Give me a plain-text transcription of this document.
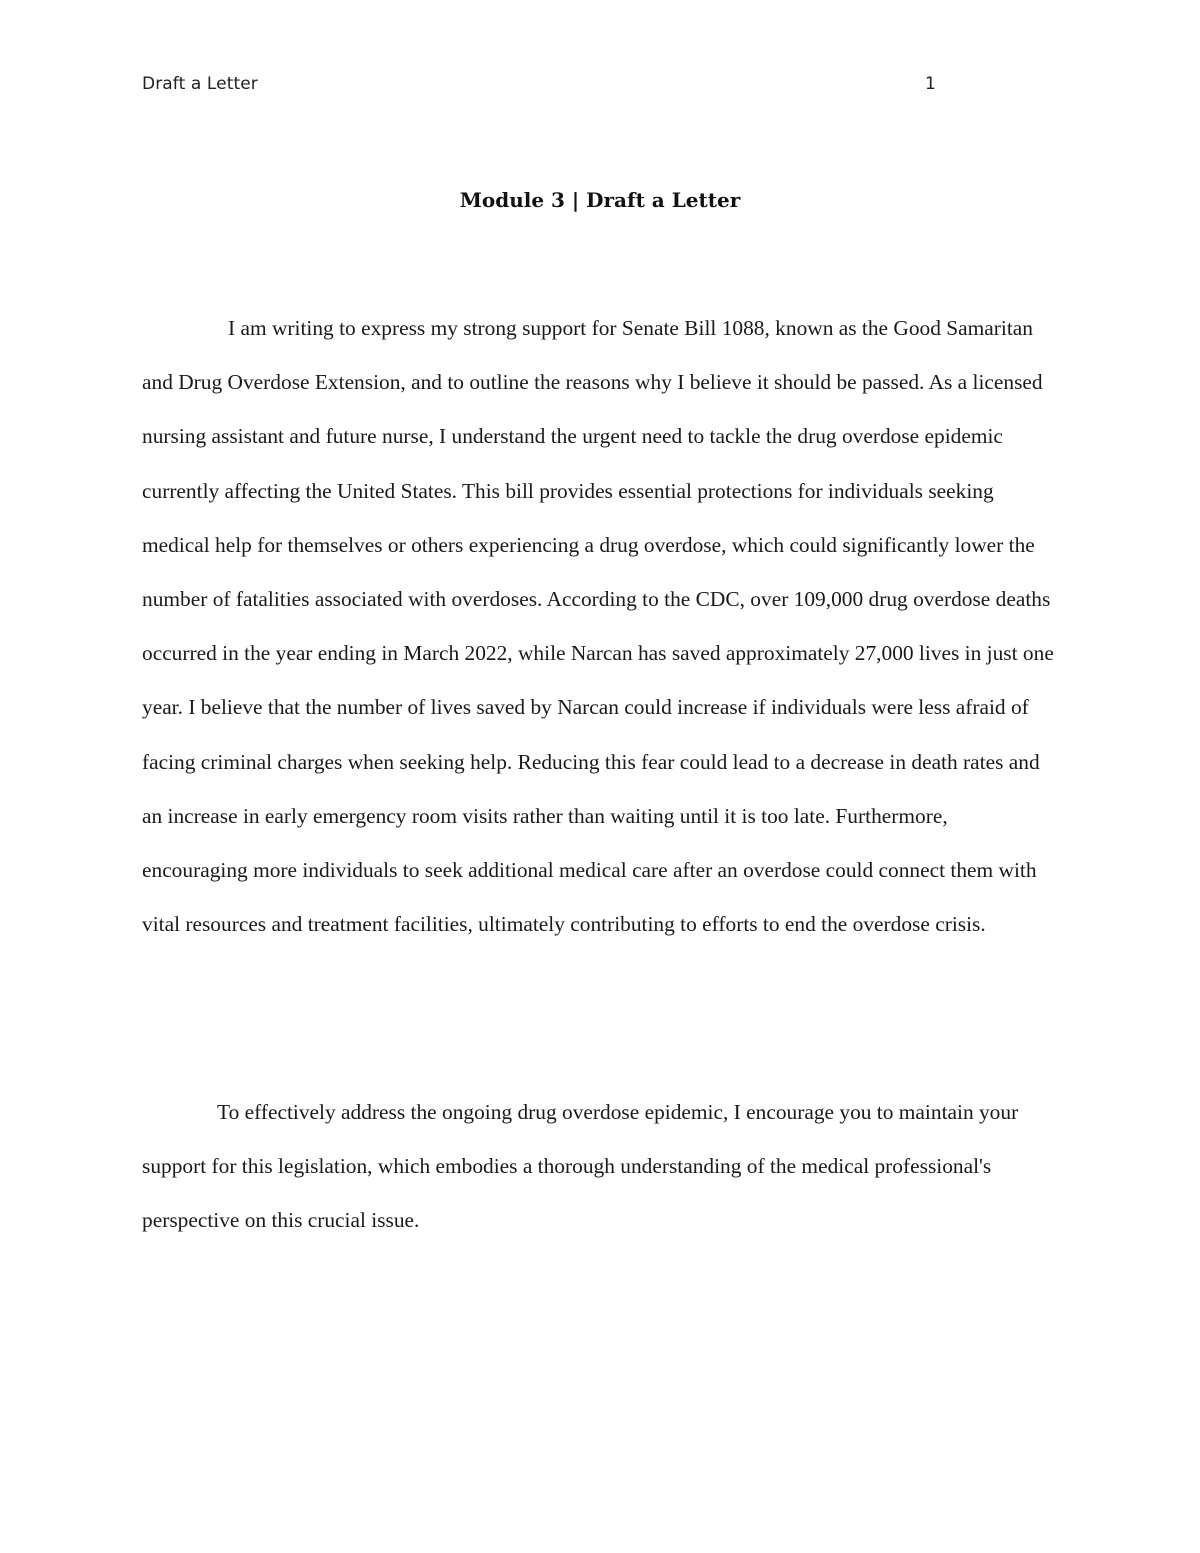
Draft a Letter	1
Module 3 | Draft a Letter

I am writing to express my strong support for Senate Bill 1088, known as the Good Samaritan and Drug Overdose Extension, and to outline the reasons why I believe it should be passed. As a licensed nursing assistant and future nurse, I understand the urgent need to tackle the drug overdose epidemic currently affecting the United States. This bill provides essential protections for individuals seeking medical help for themselves or others experiencing a drug overdose, which could significantly lower the number of fatalities associated with overdoses. According to the CDC, over 109,000 drug overdose deaths occurred in the year ending in March 2022, while Narcan has saved approximately 27,000 lives in just one year. I believe that the number of lives saved by Narcan could increase if individuals were less afraid of facing criminal charges when seeking help. Reducing this fear could lead to a decrease in death rates and an increase in early emergency room visits rather than waiting until it is too late. Furthermore, encouraging more individuals to seek additional medical care after an overdose could connect them with vital resources and treatment facilities, ultimately contributing to efforts to end the overdose crisis.

To effectively address the ongoing drug overdose epidemic, I encourage you to maintain your support for this legislation, which embodies a thorough understanding of the medical professional's perspective on this crucial issue.
